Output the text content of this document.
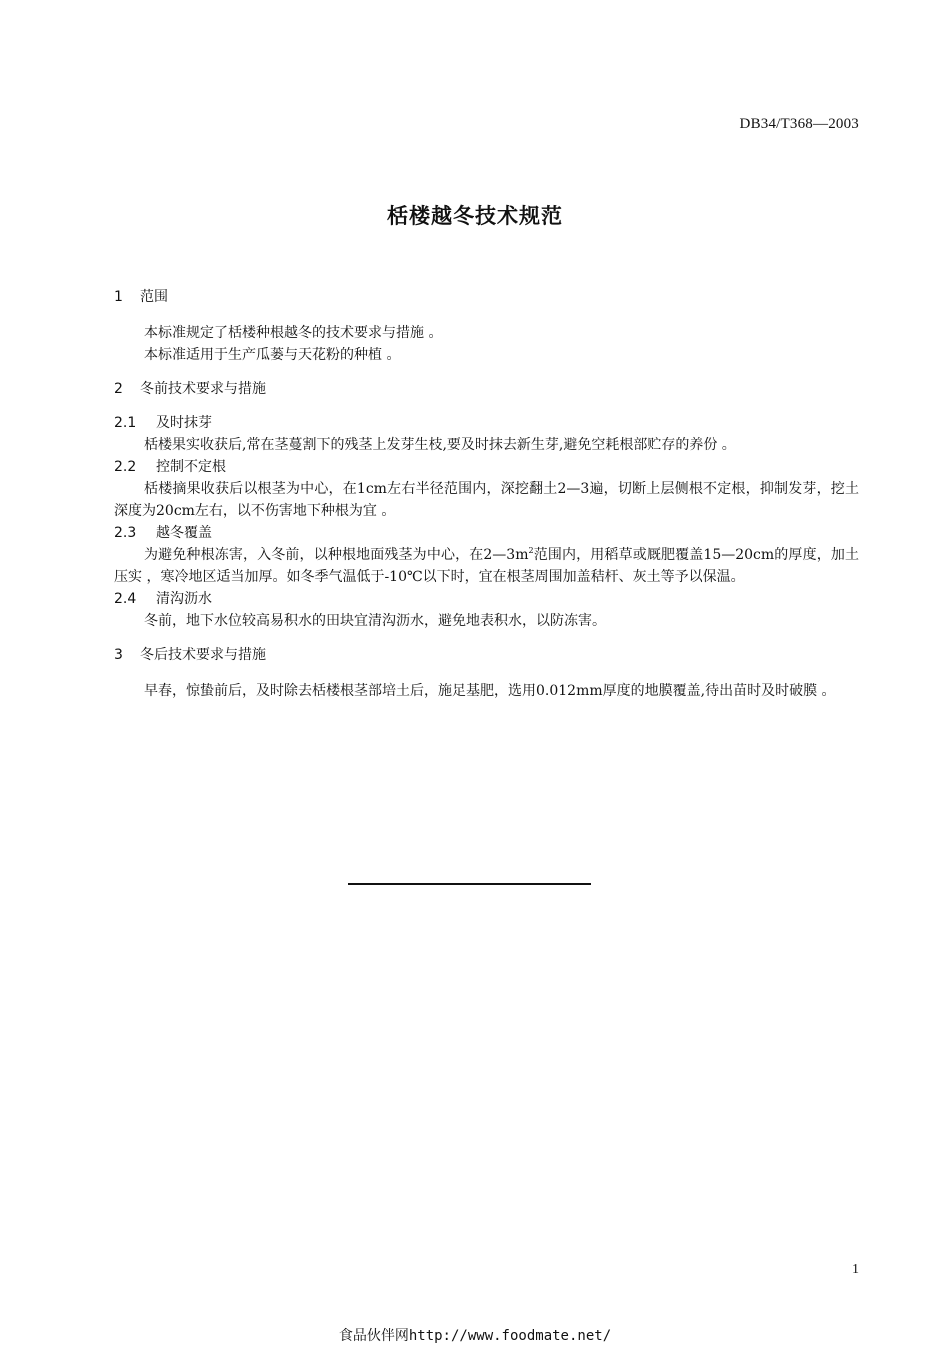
DB34/T368—2003
栝楼越冬技术规范
1 范围
本标准规定了栝楼种根越冬的技术要求与措施 。
本标准适用于生产瓜蒌与天花粉的种植 。
2 冬前技术要求与措施
2.1 及时抹芽
栝楼果实收获后,常在茎蔓割下的残茎上发芽生枝,要及时抹去新生芽,避免空耗根部贮存的养份 。
2.2 控制不定根
栝楼摘果收获后以根茎为中心，在1cm左右半径范围内，深挖翻土2—3遍，切断上层侧根不定根，抑制发芽，挖土深度为20cm左右，以不伤害地下种根为宜 。
2.3 越冬覆盖
为避免种根冻害，入冬前，以种根地面残茎为中心，在$2—3m^2$范围内，用稻草或厩肥覆盖15—20cm的厚度，加土压实 ，寒冷地区适当加厚。如冬季气温低于-10℃以下时，宜在根茎周围加盖秸杆、灰土等予以保温。
2.4 清沟沥水
冬前，地下水位较高易积水的田块宜清沟沥水，避免地表积水，以防冻害。
3 冬后技术要求与措施
早春，惊蛰前后，及时除去栝楼根茎部培土后，施足基肥，选用0.012mm厚度的地膜覆盖,待出苗时及时破膜 。
1
食品伙伴网http://www.foodmate.net/
